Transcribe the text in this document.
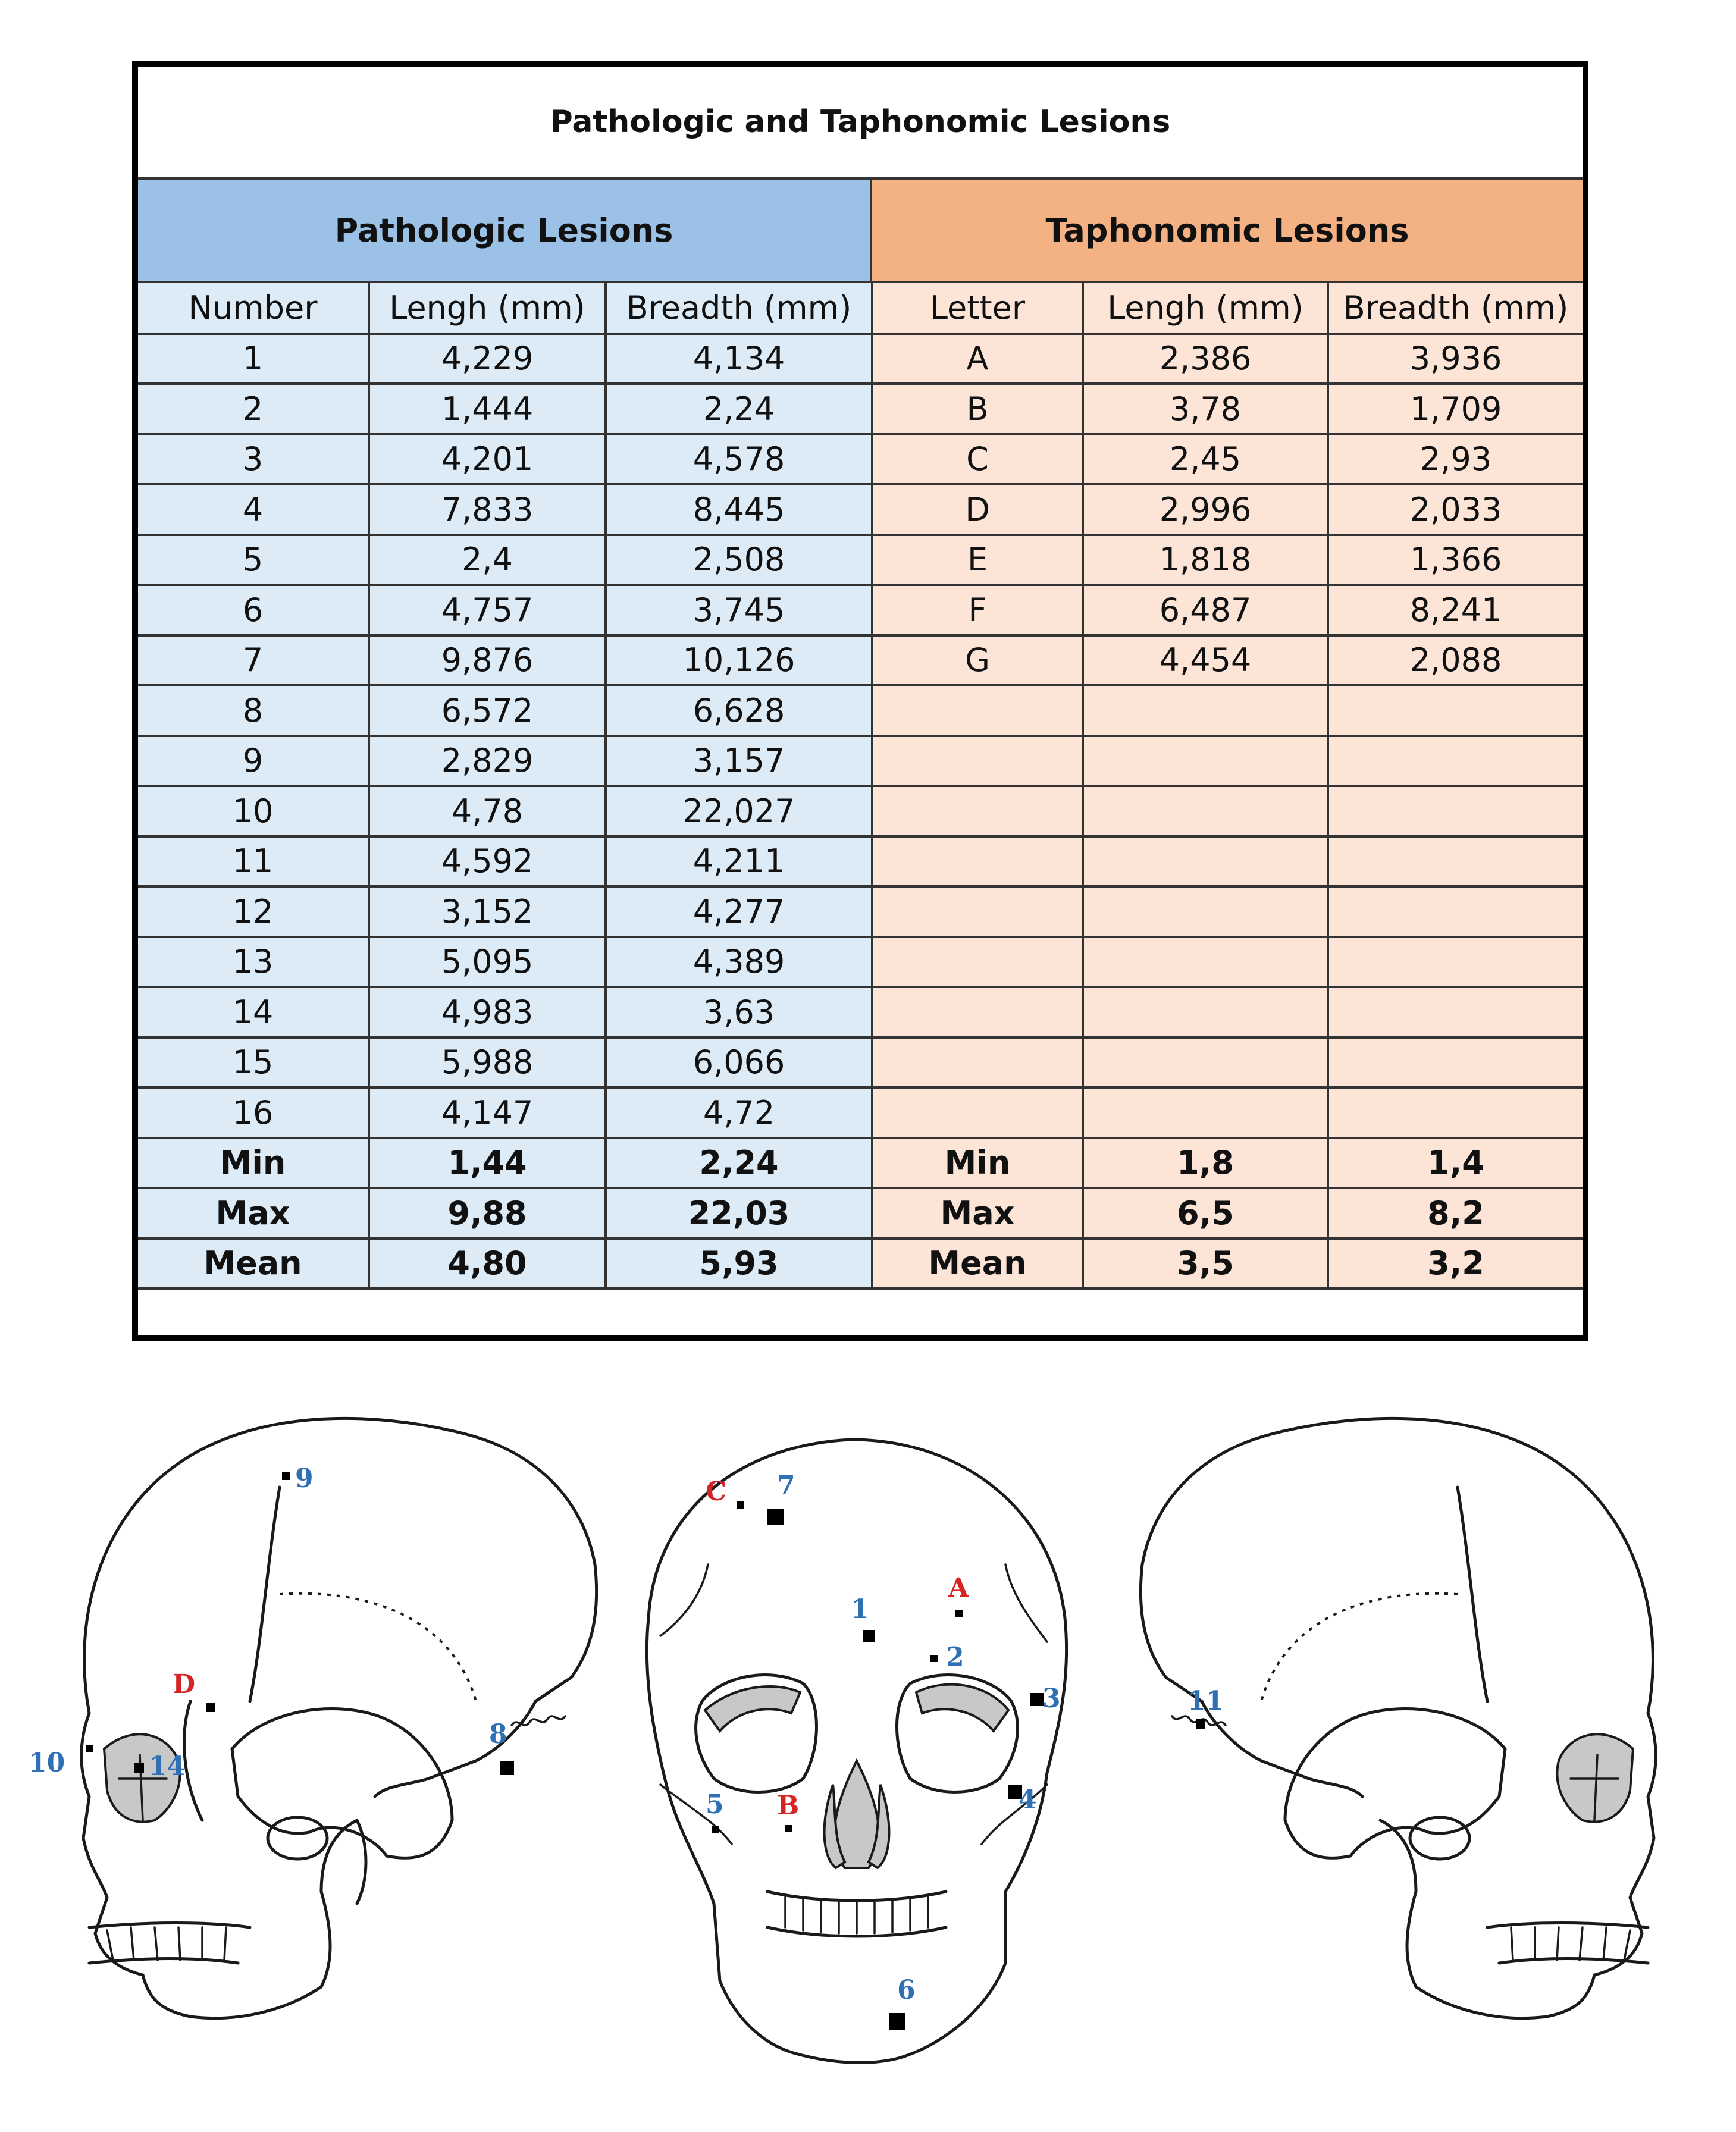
Pathologic and Taphonomic Lesions
Pathologic Lesions	Taphonomic Lesions
Number	Lengh (mm)	Breadth (mm)	Letter	Lengh (mm)	Breadth (mm)
1	4,229	4,134	A	2,386	3,936
2	1,444	2,24	B	3,78	1,709
3	4,201	4,578	C	2,45	2,93
4	7,833	8,445	D	2,996	2,033
5	2,4	2,508	E	1,818	1,366
6	4,757	3,745	F	6,487	8,241
7	9,876	10,126	G	4,454	2,088
8	6,572	6,628			
9	2,829	3,157			
10	4,78	22,027			
11	4,592	4,211			
12	3,152	4,277			
13	5,095	4,389			
14	4,983	3,63			
15	5,988	6,066			
16	4,147	4,72			
Min	1,44	2,24	Min	1,8	1,4
Max	9,88	22,03	Max	6,5	8,2
Mean	4,80	5,93	Mean	3,5	3,2
9
D
8
10	14
C 7
A
1
2
3
5 B	4
6
11
